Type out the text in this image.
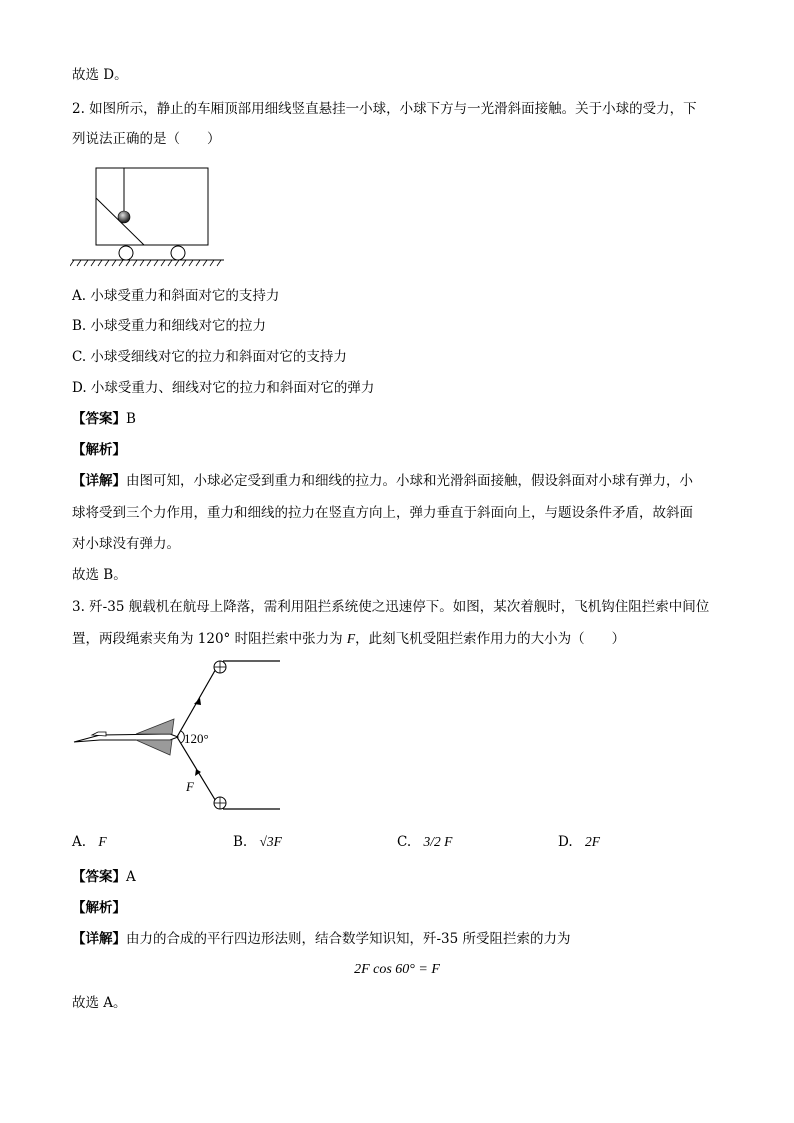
故选 D。
2. 如图所示，静止的车厢顶部用细线竖直悬挂一小球，小球下方与一光滑斜面接触。关于小球的受力，下
列说法正确的是（　　）
A. 小球受重力和斜面对它的支持力
B. 小球受重力和细线对它的拉力
C. 小球受细线对它的拉力和斜面对它的支持力
D. 小球受重力、细线对它的拉力和斜面对它的弹力
【答案】B
【解析】
【详解】由图可知，小球必定受到重力和细线的拉力。小球和光滑斜面接触，假设斜面对小球有弹力，小
球将受到三个力作用，重力和细线的拉力在竖直方向上，弹力垂直于斜面向上，与题设条件矛盾，故斜面
对小球没有弹力。
故选 B。
3. 歼-35 舰载机在航母上降落，需利用阻拦系统使之迅速停下。如图，某次着舰时，飞机钩住阻拦索中间位
置，两段绳索夹角为 120° 时阻拦索中张力为 F，此刻飞机受阻拦索作用力的大小为（　　）
120°
F
A. F	B. √3F	C. 3/2 F	D. 2F
【答案】A
【解析】
【详解】由力的合成的平行四边形法则，结合数学知识知，歼-35 所受阻拦索的力为
2F cos 60° = F
故选 A。
